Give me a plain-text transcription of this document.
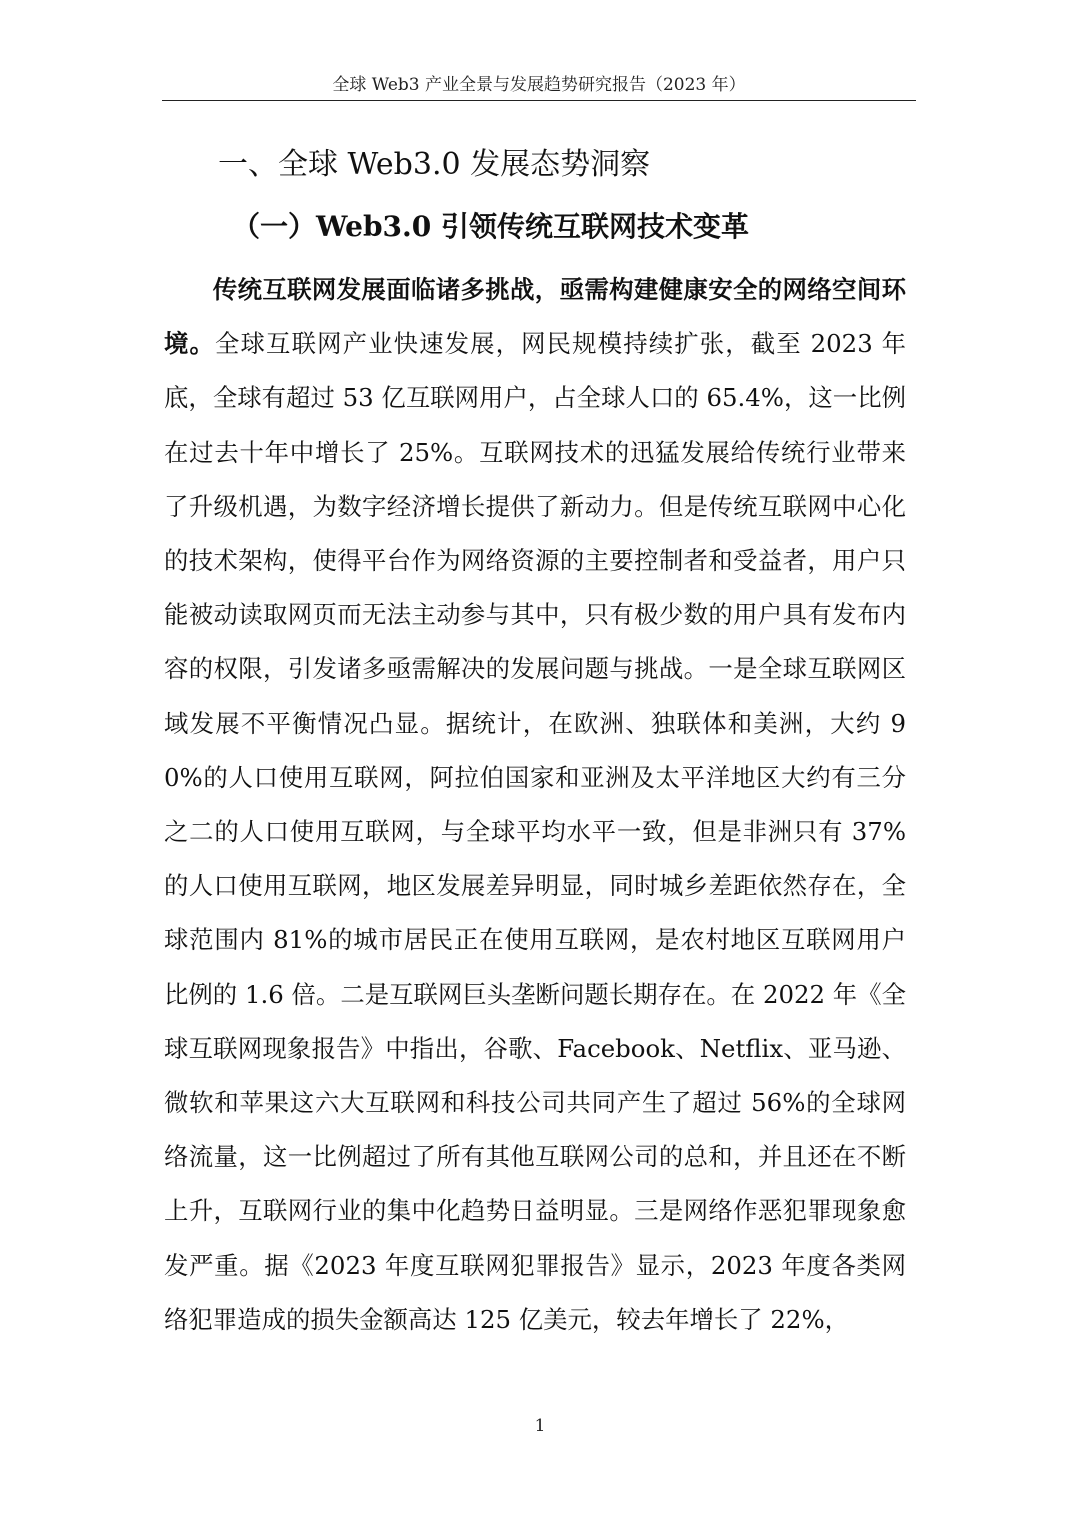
全球 Web3 产业全景与发展趋势研究报告（2023 年）
一、全球 Web3.0 发展态势洞察
（一）Web3.0 引领传统互联网技术变革

传统互联网发展面临诸多挑战，亟需构建健康安全的网络空间环境。全球互联网产业快速发展，网民规模持续扩张，截至 2023 年底，全球有超过 53 亿互联网用户，占全球人口的 65.4%，这一比例在过去十年中增长了 25%。互联网技术的迅猛发展给传统行业带来了升级机遇，为数字经济增长提供了新动力。但是传统互联网中心化的技术架构，使得平台作为网络资源的主要控制者和受益者，用户只能被动读取网页而无法主动参与其中，只有极少数的用户具有发布内容的权限，引发诸多亟需解决的发展问题与挑战。一是全球互联网区域发展不平衡情况凸显。据统计，在欧洲、独联体和美洲，大约 90%的人口使用互联网，阿拉伯国家和亚洲及太平洋地区大约有三分之二的人口使用互联网，与全球平均水平一致，但是非洲只有 37%的人口使用互联网，地区发展差异明显，同时城乡差距依然存在，全球范围内 81%的城市居民正在使用互联网，是农村地区互联网用户比例的 1.6 倍。二是互联网巨头垄断问题长期存在。在 2022 年《全球互联网现象报告》中指出，谷歌、Facebook、Netflix、亚马逊、微软和苹果这六大互联网和科技公司共同产生了超过 56%的全球网络流量，这一比例超过了所有其他互联网公司的总和，并且还在不断上升，互联网行业的集中化趋势日益明显。三是网络作恶犯罪现象愈发严重。据《2023 年度互联网犯罪报告》显示，2023 年度各类网络犯罪造成的损失金额高达 125 亿美元，较去年增长了 22%，

1
